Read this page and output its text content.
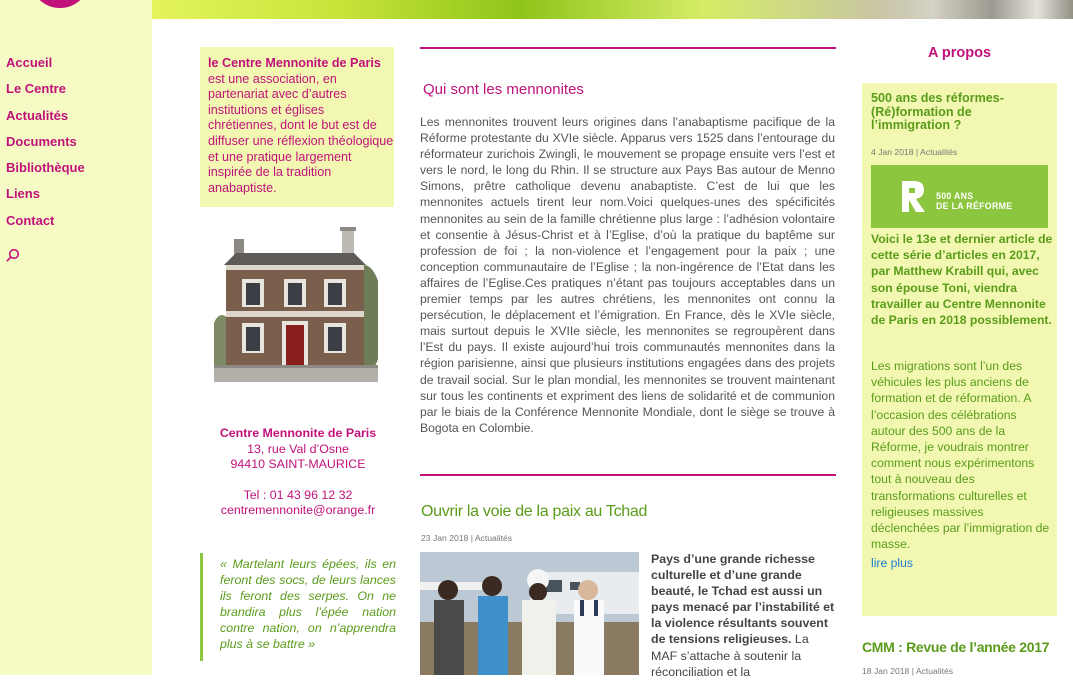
Accueil
Le Centre
Actualités
Documents
Bibliothèque
Liens
Contact
le Centre Mennonite de Paris est une association, en partenariat avec d’autres institutions et églises chrétiennes, dont le but est de diffuser une réflexion théologique et une pratique largement inspirée de la tradition anabaptiste.
Centre Mennonite de Paris
13, rue Val d’Osne
94410 SAINT-MAURICE
Tel : 01 43 96 12 32
centremennonite@orange.fr
« Martelant leurs épées, ils en feront des socs, de leurs lances ils feront des serpes. On ne brandira plus l’épée nation contre nation, on n’apprendra plus à se battre »
Qui sont les mennonites

Les mennonites trouvent leurs origines dans l’anabaptisme pacifique de la Réforme protestante du XVIe siècle. Apparus vers 1525 dans l’entourage du réformateur zurichois Zwingli, le mouvement se propage ensuite vers l’est et vers le nord, le long du Rhin. Il se structure aux Pays Bas autour de Menno Simons, prêtre catholique devenu anabaptiste. C’est de lui que les mennonites actuels tirent leur nom.Voici quelques-unes des spécificités mennonites au sein de la famille chrétienne plus large : l’adhésion volontaire et consentie à Jésus-Christ et à l’Eglise, d’où la pratique du baptême sur profession de foi ; la non-violence et l’engagement pour la paix ; une conception communautaire de l’Eglise ; la non-ingérence de l’Etat dans les affaires de l’Eglise.Ces pratiques n’étant pas toujours acceptables dans un premier temps par les autres chrétiens, les mennonites ont connu la persécution, le déplacement et l’émigration. En France, dès le XVIe siècle, mais surtout depuis le XVIIe siècle, les mennonites se regroupèrent dans l’Est du pays. Il existe aujourd’hui trois communautés mennonites dans la région parisienne, ainsi que plusieurs institutions engagées dans des projets de travail social. Sur le plan mondial, les mennonites se trouvent maintenant sur tous les continents et expriment des liens de solidarité et de communion par le biais de la Conférence Mennonite Mondiale, dont le siège se trouve à Bogota en Colombie.

Ouvrir la voie de la paix au Tchad
23 Jan 2018 | Actualités
Pays d’une grande richesse culturelle et d’une grande beauté, le Tchad est aussi un pays menacé par l’instabilité et la violence résultants souvent de tensions religieuses. La MAF s’attache à soutenir la réconciliation et la
A propos
500 ans des réformes-(Ré)formation de l’immigration ?
4 Jan 2018 | Actualités
500 ANS
DE LA RÉFORME
Voici le 13e et dernier article de cette série d’articles en 2017, par Matthew Krabill qui, avec son épouse Toni, viendra travailler au Centre Mennonite de Paris en 2018 possiblement.
Les migrations sont l’un des véhicules les plus anciens de formation et de réformation. A l’occasion des célébrations autour des 500 ans de la Réforme, je voudrais montrer comment nous expérimentons tout à nouveau des transformations culturelles et religieuses massives déclenchées par l’immigration de masse.
lire plus
CMM : Revue de l’année 2017
18 Jan 2018 | Actualités
